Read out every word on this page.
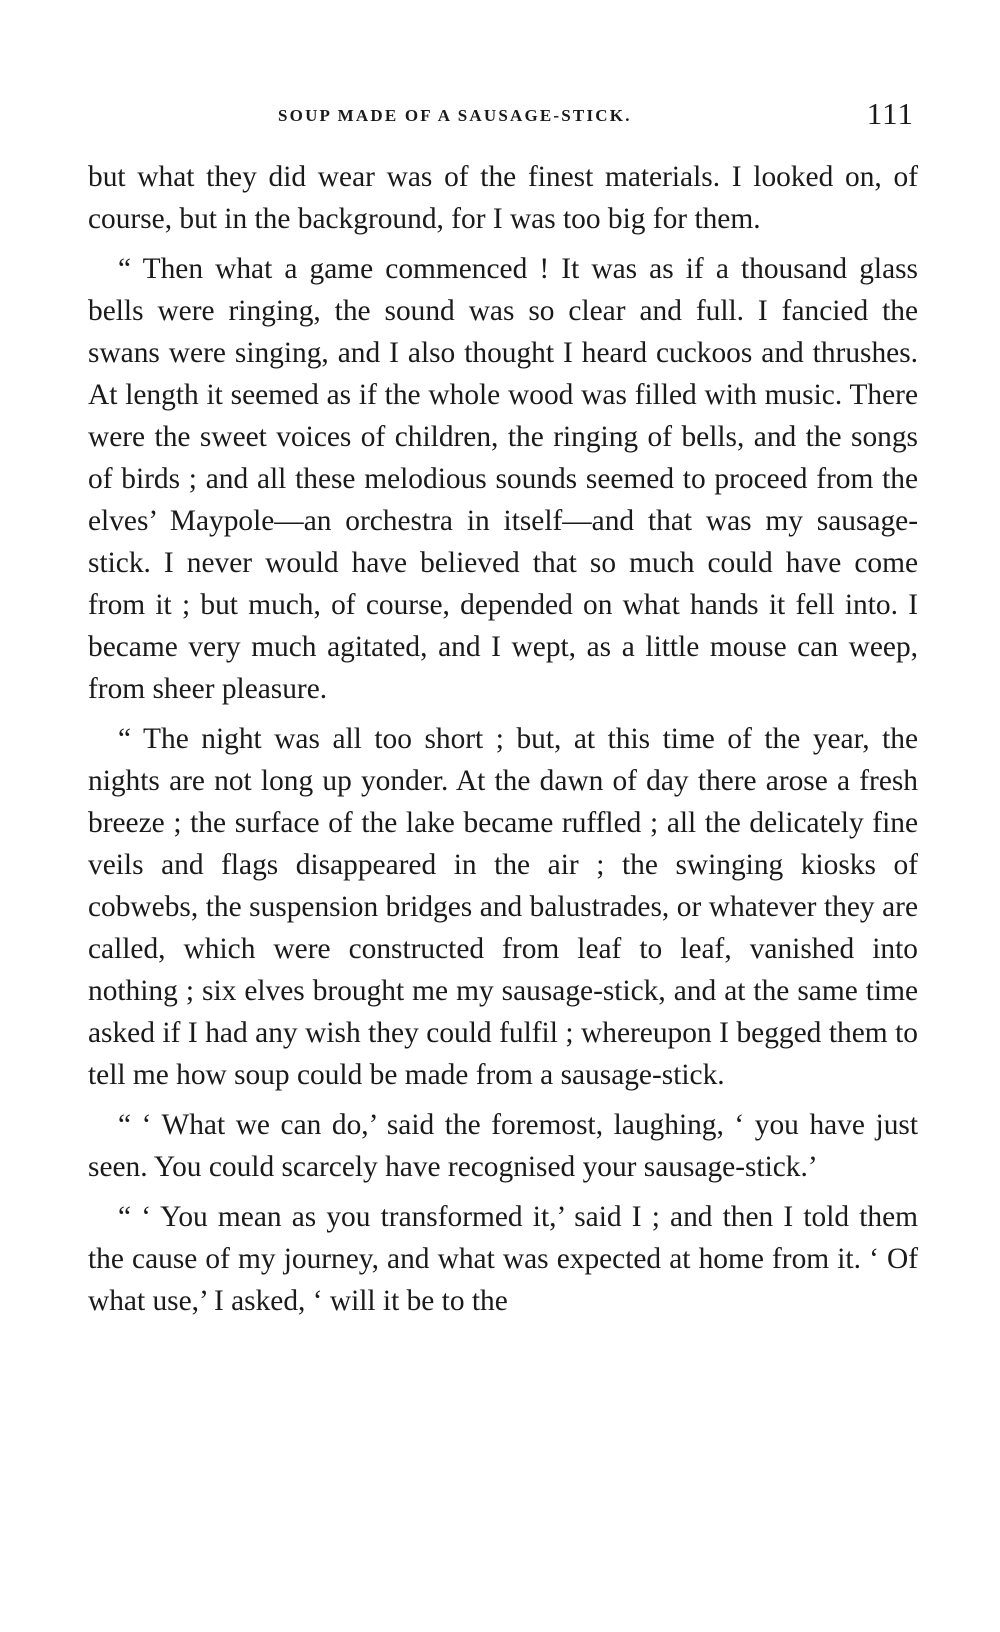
SOUP MADE OF A SAUSAGE-STICK.	111

but what they did wear was of the finest materials. I looked on, of course, but in the background, for I was too big for them.

“ Then what a game commenced ! It was as if a thousand glass bells were ringing, the sound was so clear and full. I fancied the swans were singing, and I also thought I heard cuckoos and thrushes. At length it seemed as if the whole wood was filled with music. There were the sweet voices of children, the ringing of bells, and the songs of birds ; and all these melodious sounds seemed to proceed from the elves’ Maypole—an orchestra in itself—and that was my sausage-stick. I never would have believed that so much could have come from it ; but much, of course, depended on what hands it fell into. I became very much agitated, and I wept, as a little mouse can weep, from sheer pleasure.

“ The night was all too short ; but, at this time of the year, the nights are not long up yonder. At the dawn of day there arose a fresh breeze ; the surface of the lake became ruffled ; all the delicately fine veils and flags disappeared in the air ; the swinging kiosks of cobwebs, the suspension bridges and balustrades, or whatever they are called, which were constructed from leaf to leaf, vanished into nothing ; six elves brought me my sausage-stick, and at the same time asked if I had any wish they could fulfil ; whereupon I begged them to tell me how soup could be made from a sausage-stick.

“ ‘ What we can do,’ said the foremost, laughing, ‘ you have just seen. You could scarcely have recognised your sausage-stick.’

“ ‘ You mean as you transformed it,’ said I ; and then I told them the cause of my journey, and what was expected at home from it. ‘ Of what use,’ I asked, ‘ will it be to the
